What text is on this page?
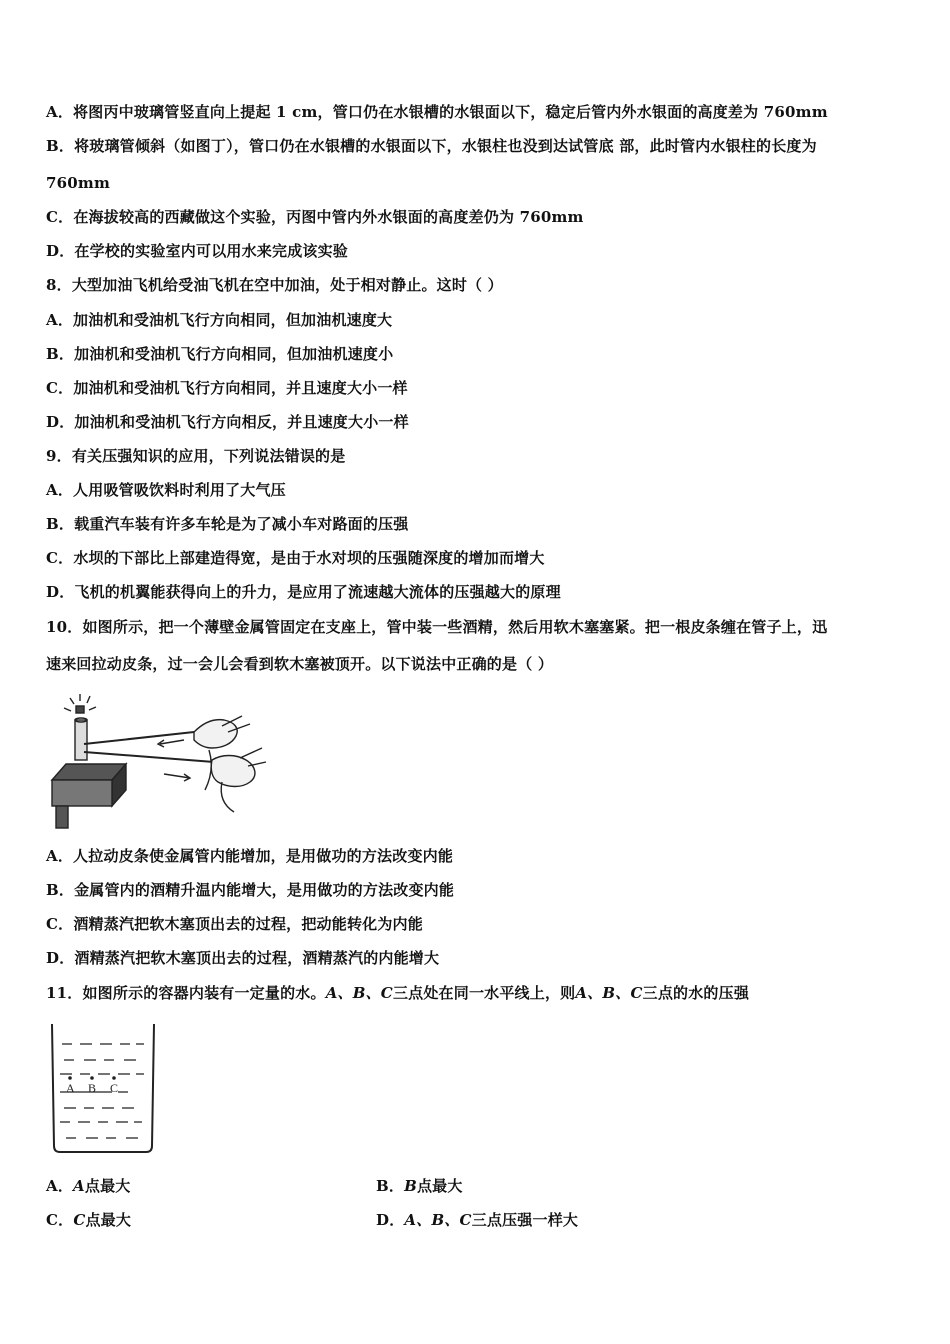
A．将图丙中玻璃管竖直向上提起 1 cm，管口仍在水银槽的水银面以下，稳定后管内外水银面的高度差为 760mm
B．将玻璃管倾斜（如图丁），管口仍在水银槽的水银面以下，水银柱也没到达试管底 部，此时管内水银柱的长度为
760mm
C．在海拔较高的西藏做这个实验，丙图中管内外水银面的高度差仍为 760mm
D．在学校的实验室内可以用水来完成该实验
8．大型加油飞机给受油飞机在空中加油，处于相对静止。这时（ ）
A．加油机和受油机飞行方向相同，但加油机速度大
B．加油机和受油机飞行方向相同，但加油机速度小
C．加油机和受油机飞行方向相同，并且速度大小一样
D．加油机和受油机飞行方向相反，并且速度大小一样
9．有关压强知识的应用，下列说法错误的是
A．人用吸管吸饮料时利用了大气压
B．载重汽车装有许多车轮是为了减小车对路面的压强
C．水坝的下部比上部建造得宽，是由于水对坝的压强随深度的增加而增大
D．飞机的机翼能获得向上的升力，是应用了流速越大流体的压强越大的原理
10．如图所示，把一个薄壁金属管固定在支座上，管中装一些酒精，然后用软木塞塞紧。把一根皮条缠在管子上，迅
速来回拉动皮条，过一会儿会看到软木塞被顶开。以下说法中正确的是（ ）
A．人拉动皮条使金属管内能增加，是用做功的方法改变内能
B．金属管内的酒精升温内能增大，是用做功的方法改变内能
C．酒精蒸汽把软木塞顶出去的过程，把动能转化为内能
D．酒精蒸汽把软木塞顶出去的过程，酒精蒸汽的内能增大
11．如图所示的容器内装有一定量的水。A、B、C三点处在同一水平线上，则A、B、C三点的水的压强
A B C
A．A点最大	B．B点最大
C．C点最大	D．A、B、C三点压强一样大
